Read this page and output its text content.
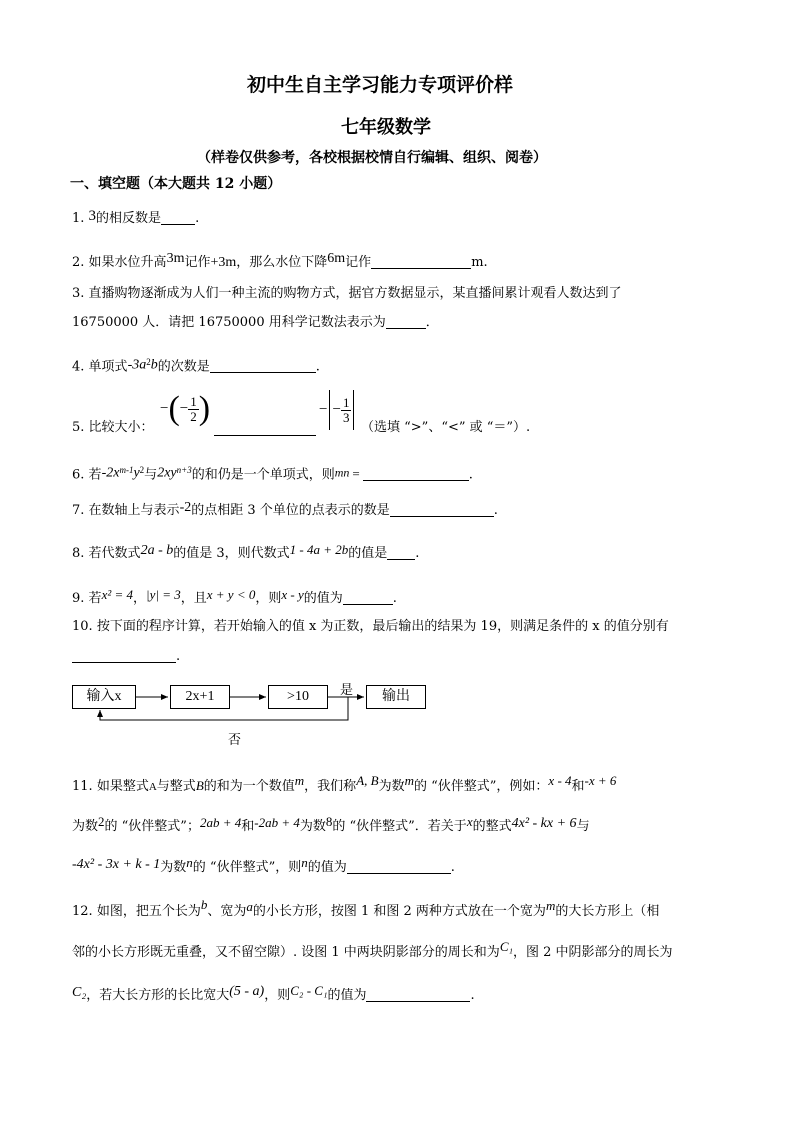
初中生自主学习能力专项评价样
七年级数学
（样卷仅供参考，各校根据校情自行编辑、组织、阅卷）
一、填空题（本大题共 12 小题）
1. 3的相反数是	.
2. 如果水位升高3m记作+3m，那么水位下降6m记作	m.
3. 直播购物逐渐成为人们一种主流的购物方式，据官方数据显示，某直播间累计观看人数达到了
16750000 人．请把 16750000 用科学记数法表示为	．
4. 单项式$-3a^2b$的次数是	.
5. 比较大小：
−(− $\frac{1}{2}$ )	− − $\frac{1}{3}$
（选填 “>”、“<” 或 “＝”）.
6. 若$-2x^{m-1}y^2$与$2xy^{n+3}$的和仍是一个单项式，则mn =	.
7. 在数轴上与表示-2的点相距 3 个单位的点表示的数是	.
8. 若代数式2a - b的值是 3，则代数式1 - 4a + 2b的值是 .
9. 若x² = 4，|y| = 3，且x + y < 0，则x - y的值为	.
10. 按下面的程序计算，若开始输入的值 x 为正数，最后输出的结果为 19，则满足条件的 x 的值分别有
.
输入x	2x+1	>10	输出
是
否
11. 如果整式A与整式B的和为一个数值m，我们称A, B为数m的 “伙伴整式”，例如：x - 4和-x + 6
为数2的 “伙伴整式”；2ab + 4和-2ab + 4为数8的 “伙伴整式”．若关于x的整式4x² - kx + 6与
-4x² - 3x + k - 1为数n的 “伙伴整式”，则n的值为	.
12. 如图，把五个长为b、宽为a的小长方形，按图 1 和图 2 两种方式放在一个宽为m的大长方形上（相
邻的小长方形既无重叠，又不留空隙）. 设图 1 中两块阴影部分的周长和为C₁，图 2 中阴影部分的周长为
C₂，若大长方形的长比宽大(5 - a)，则C₂ - C₁的值为	.
